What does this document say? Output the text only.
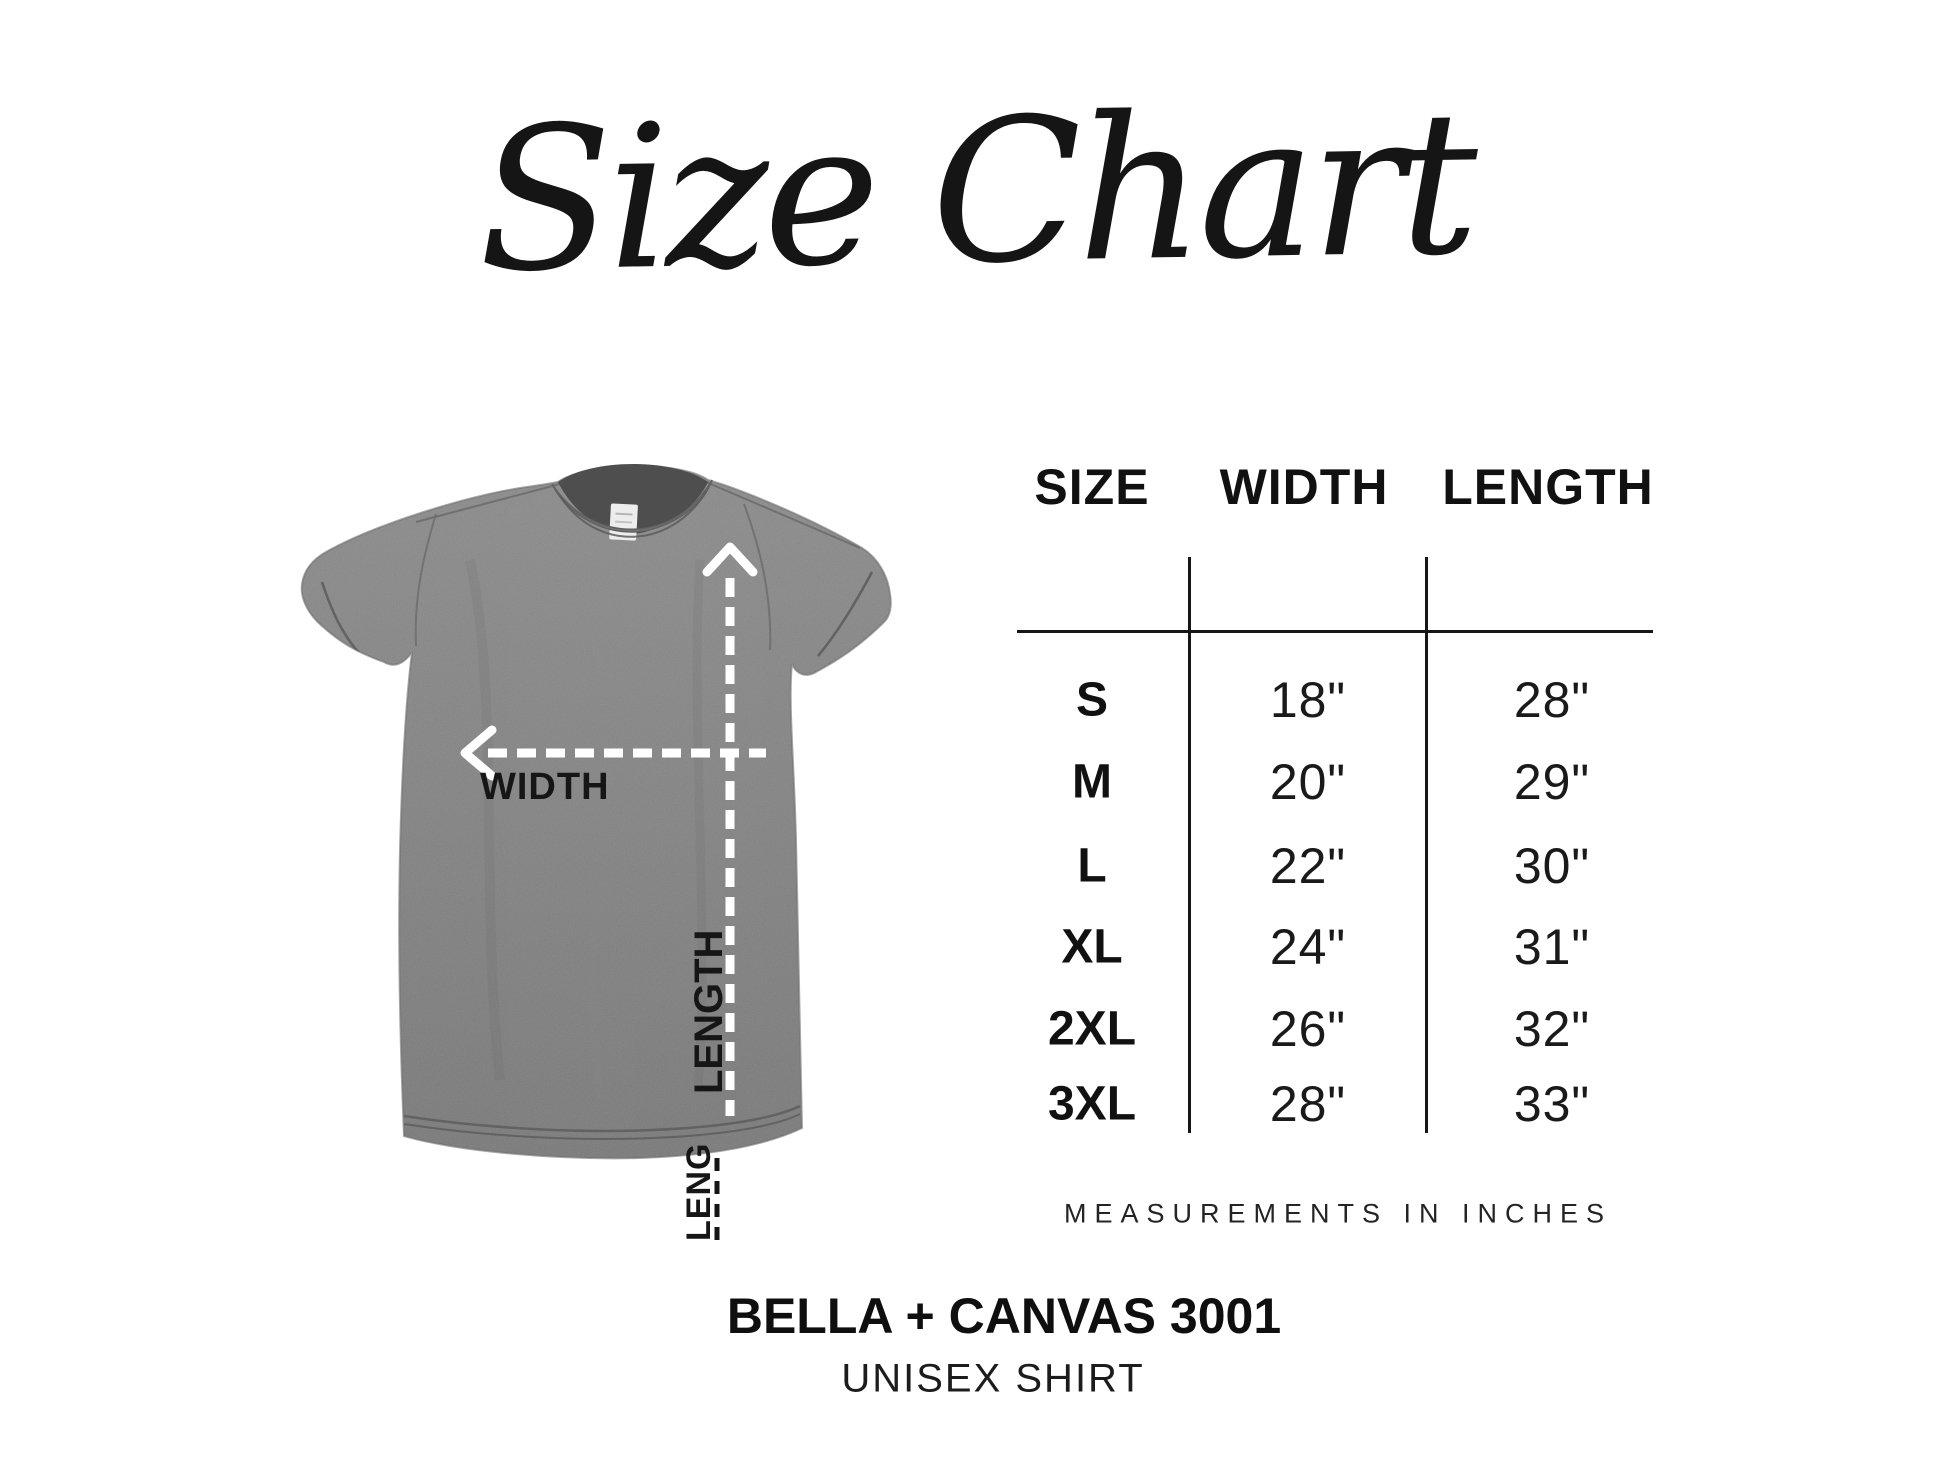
Size Chart
WIDTH
LENGTH
LENG
SIZE WIDTH LENGTH
S	18"	28"
M	20"	29"
L	22"	30"
XL	24"	31"
2XL	26"	32"
3XL	28"	33"
MEASUREMENTS IN INCHES
BELLA + CANVAS 3001
UNISEX SHIRT
